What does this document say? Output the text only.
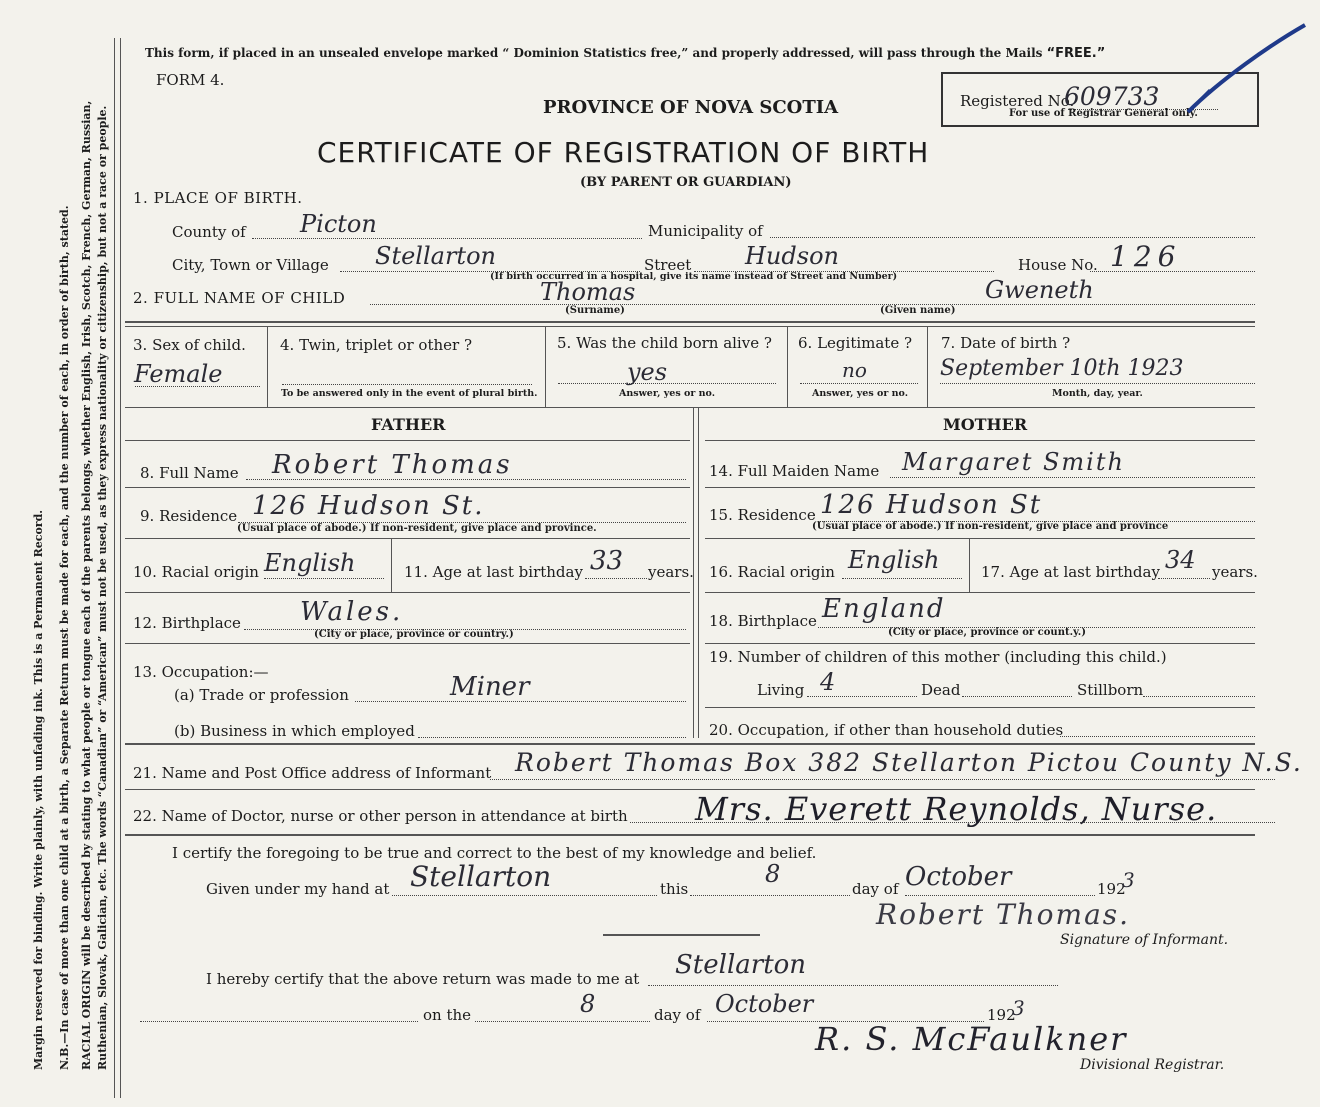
Margin reserved for binding. Write plainly, with unfading ink. This is a Permanent Record. N.B.—In case of more than one child at a birth, a Separate Return must be made for each, and the number of each, in order of birth, stated. RACIAL ORIGIN will be described by stating to what people or tongue each of the parents belongs, whether English, Irish, Scotch, French, German, Russian, Ruthenian, Slovak, Galician, etc. The words “Canadian” or “American” must not be used, as they express nationality or citizenship, but not a race or people.
This form, if placed in an unsealed envelope marked “ Dominion Statistics free,” and properly addressed, will pass through the Mails “FREE.”
FORM 4.
PROVINCE OF NOVA SCOTIA	Registered No.
609733
For use of Registrar General only.
CERTIFICATE OF REGISTRATION OF BIRTH
(BY PARENT OR GUARDIAN)
1. PLACE OF BIRTH.
County of Picton	Municipality of
City, Town or Village Stellarton	Street Hudson	House No. 126
(If birth occurred in a hospital, give its name instead of Street and Number)
2. FULL NAME OF CHILD	Thomas
(Surname)
Gweneth
(Given name)
3. Sex of child.
Female
4. Twin, triplet or other ?
To be answered only in the event of plural birth.
5. Was the child born alive ?
yes
Answer, yes or no.
6. Legitimate ?
no
Answer, yes or no.
7. Date of birth ?
September 10th 1923
Month, day, year.
FATHER	MOTHER
8. Full Name Robert Thomas
9. Residence 126 Hudson St.
(Usual place of abode.) If non-resident, give place and province.
10. Racial origin English	11. Age at last birthday 33 years.
12. Birthplace Wales.
(City or place, province or country.)
13. Occupation:—
(a) Trade or profession	Miner
(b) Business in which employed
14. Full Maiden Name Margaret Smith
15. Residence 126 Hudson St
(Usual place of abode.) If non-resident, give place and province
16. Racial origin English	17. Age at last birthday 34 years.
18. Birthplace England
(City or place, province or count.y.)
19. Number of children of this mother (including this child.)
Living 4	Dead	Stillborn
20. Occupation, if other than household duties
21. Name and Post Office address of Informant Robert Thomas Box 382 Stellarton Pictou County N.S.
22. Name of Doctor, nurse or other person in attendance at birth Mrs. Everett Reynolds, Nurse.
I certify the foregoing to be true and correct to the best of my knowledge and belief.
Given under my hand at Stellarton	this
8
day of October	192
3
Robert Thomas.
Signature of Informant.
I hereby certify that the above return was made to me at Stellarton
on the	8	day of October	192
3
R. S. McFaulkner
Divisional Registrar.
